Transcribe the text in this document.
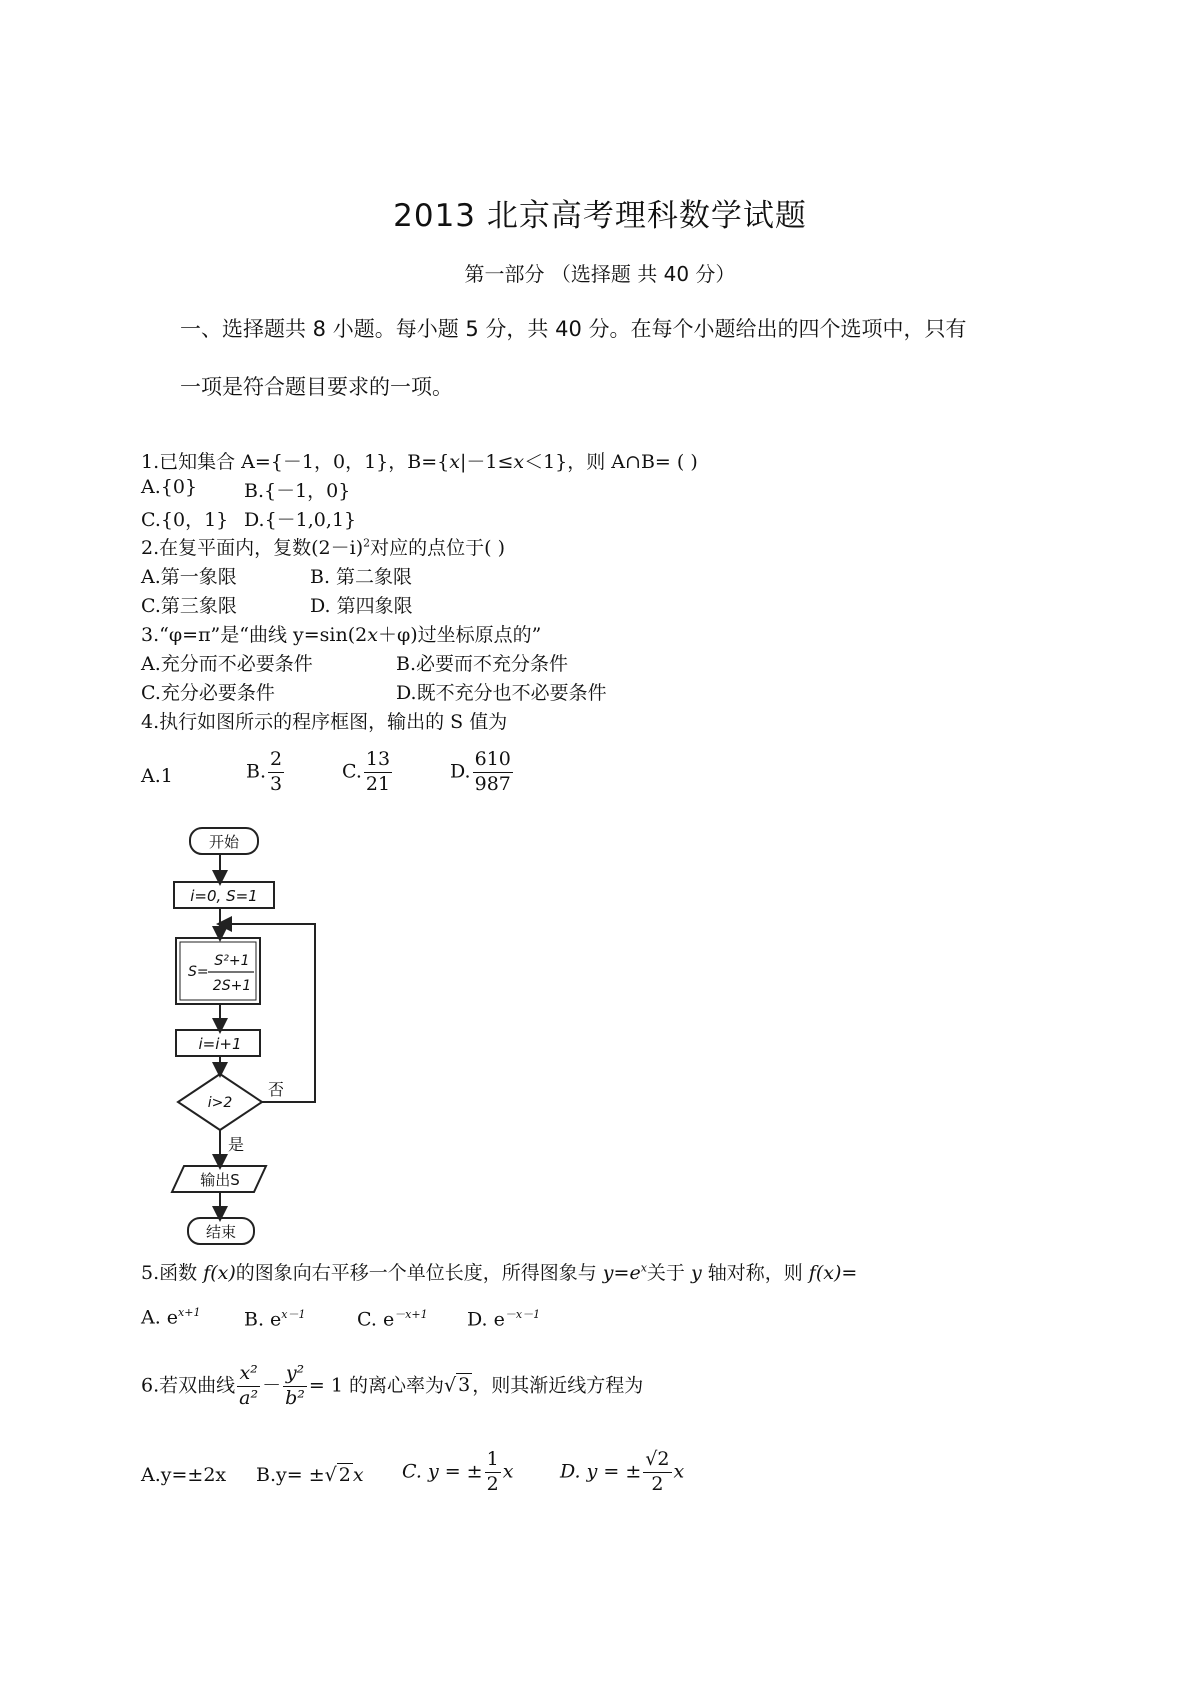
2013 北京高考理科数学试题
第一部分 （选择题 共 40 分）
一、选择题共 8 小题。每小题 5 分，共 40 分。在每个小题给出的四个选项中，只有
一项是符合题目要求的一项。
1.已知集合 A={－1，0，1}，B={x|－1≤x＜1}，则 A∩B= ( )
A.{0} B.{－1，0}
C.{0，1} D.{－1,0,1}
2.在复平面内，复数$(2-i)^2$对应的点位于( )
A.第一象限	B. 第二象限
C.第三象限	D. 第四象限
3.“φ=π”是“曲线 y=sin(2x＋φ)过坐标原点的”
A.充分而不必要条件	B.必要而不充分条件
C.充分必要条件	D.既不充分也不必要条件
4.执行如图所示的程序框图，输出的 S 值为
A.1	B. $\frac{2}{3}$	C. $\frac{13}{21}$	D. $\frac{610}{987}$
开始
i=0, S=1
S=
S²+1
2S+1
i=i+1
i>2
否
是
输出S
结束
5.函数 f(x)的图象向右平移一个单位长度，所得图象与 $y=e^x$关于 y 轴对称，则 f(x)=
A. $e^{x+1}$ B. $e^{x-1}$	C. $e^{-x+1}$ D. $e^{-x-1}$
6.若双曲线 $\frac{\text{x²}}{\text{a²}} - \frac{\text{y²}}{\text{b²}} = 1$ 的离心率为√ 3 ，则其渐近线方程为
A.y=±2x B.y= ±√ 2 x C. y = ± $\frac{1}{2}$ x D. y = ± $\frac{√2}{2}$ x
